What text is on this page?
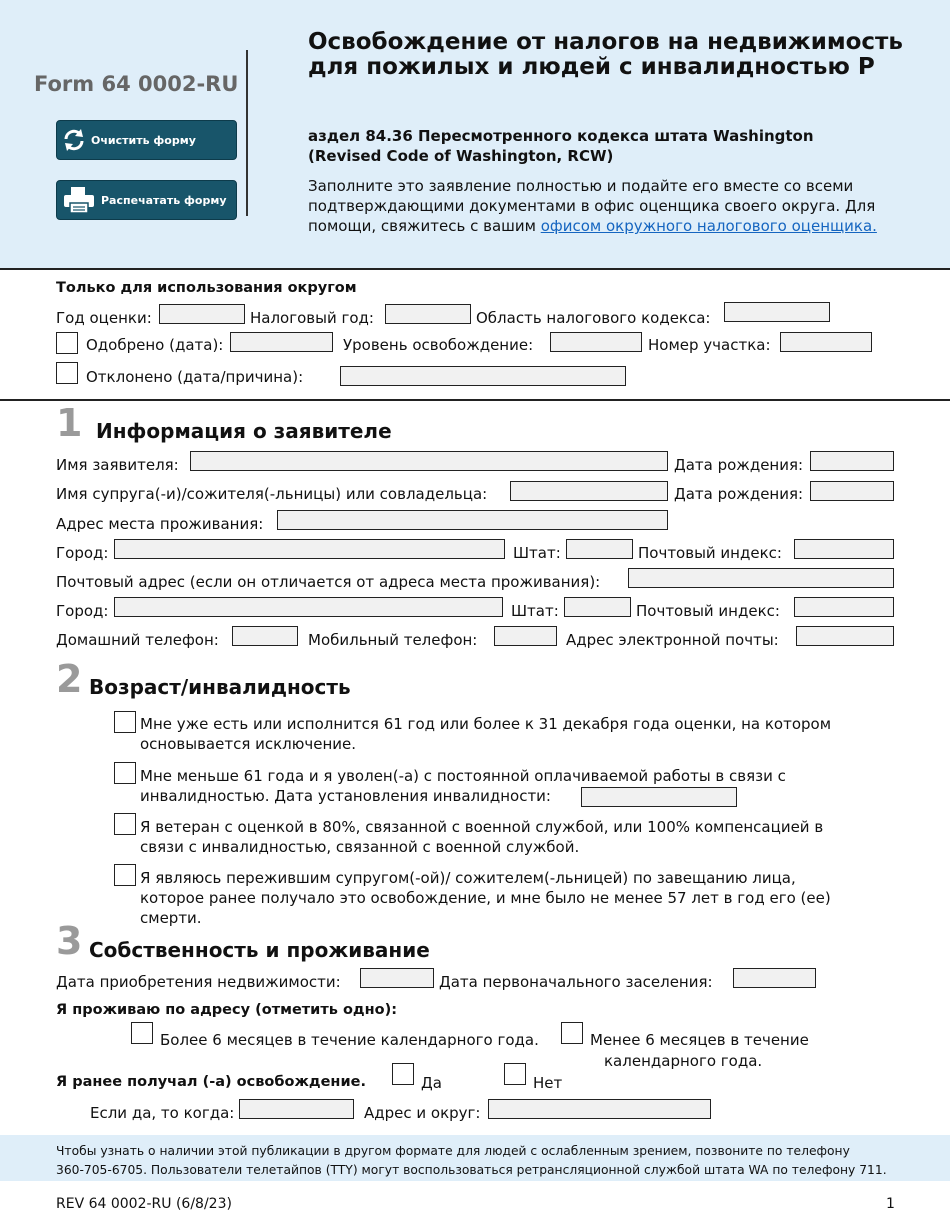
Form 64 0002-RU
Очистить форму
Распечатать форму
Освобождение от налогов на недвижимость для пожилых и людей с инвалидностью Р
аздел 84.36 Пересмотренного кодекса штата Washington
(Revised Code of Washington, RCW)
Заполните это заявление полностью и подайте его вместе со всеми подтверждающими документами в офис оценщика своего округа. Для помощи, свяжитесь с вашим офисом окружного налогового оценщика.
Только для использования округом
Год оценки:	Налоговый год:	Область налогового кодекса:
Одобрено (дата):	Уровень освобождение:	Номер участка:
Отклонено (дата/причина):
1 Информация о заявителе
Имя заявителя:	Дата рождения:
Имя супруга(-и)/сожителя(-льницы) или совладельца:	Дата рождения:
Адрес места проживания:
Город:	Штат:	Почтовый индекс:
Почтовый адрес (если он отличается от адреса места проживания):
Город:	Штат:	Почтовый индекс:
Домашний телефон:	Мобильный телефон:	Адрес электронной почты:
2 Возраст/инвалидность
Мне уже есть или исполнится 61 год или более к 31 декабря года оценки, на котором
основывается исключение.
Мне меньше 61 года и я уволен(-а) с постоянной оплачиваемой работы в связи с
инвалидностью. Дата установления инвалидности:
Я ветеран с оценкой в 80%, связанной с военной службой, или 100% компенсацией в
связи с инвалидностью, связанной с военной службой.
Я являюсь пережившим супругом(-ой)/ сожителем(-льницей) по завещанию лица,
которое ранее получало это освобождение, и мне было не менее 57 лет в год его (ее)
смерти.
3 Собственность и проживание
Дата приобретения недвижимости:	Дата первоначального заселения:
Я проживаю по адресу (отметить одно):
Более 6 месяцев в течение календарного года.	Менее 6 месяцев в течение
календарного года.
Я ранее получал (-а) освобождение.	Да	Нет
Если да, то когда:	Адрес и округ:
Чтобы узнать о наличии этой публикации в другом формате для людей с ослабленным зрением, позвоните по телефону
360-705-6705. Пользователи телетайпов (TTY) могут воспользоваться ретрансляционной службой штата WA по телефону 711.
REV 64 0002-RU (6/8/23)	1
